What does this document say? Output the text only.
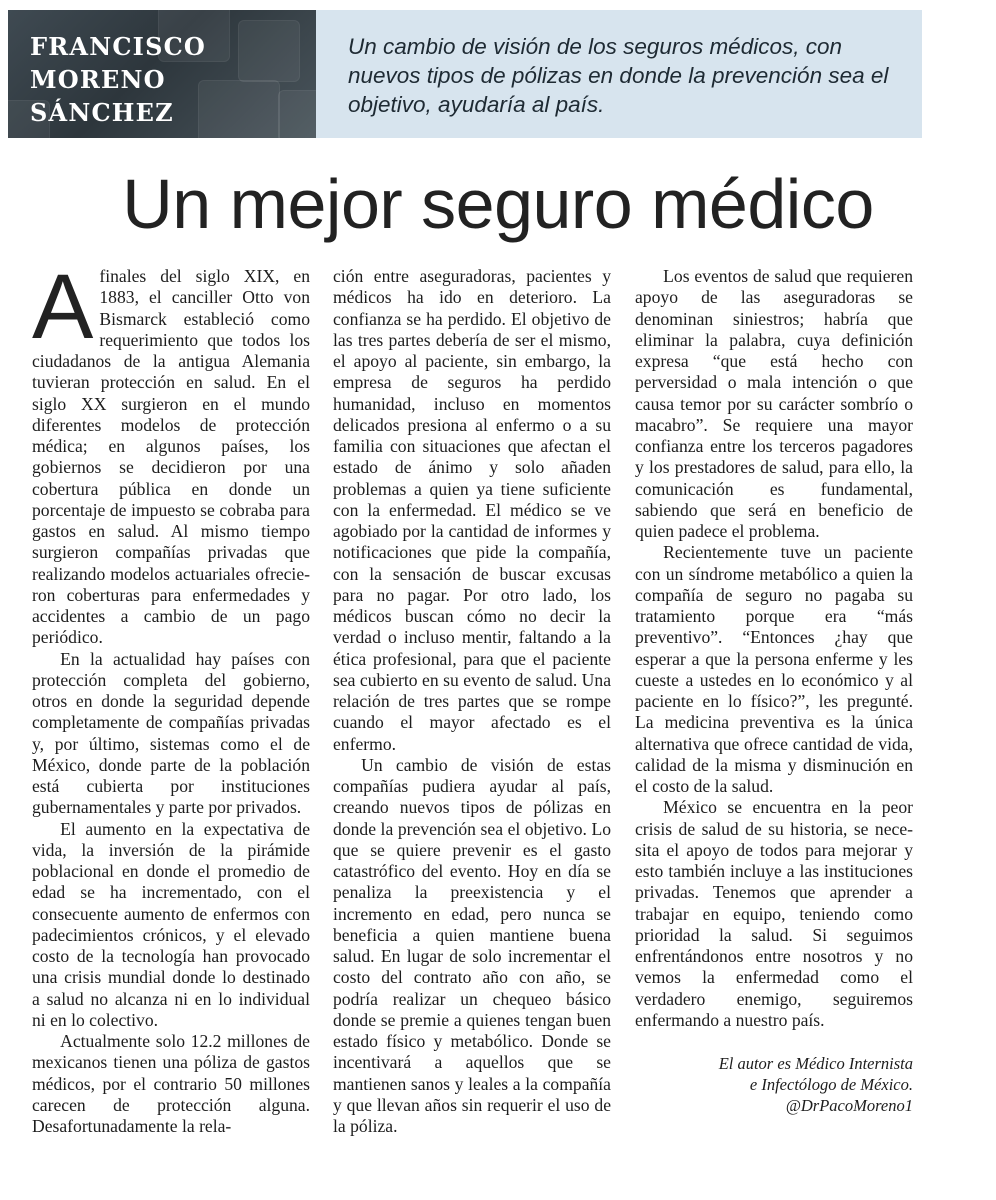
FRANCISCO
MORENO
SÁNCHEZ

Un cambio de visión de los seguros médicos, con nuevos tipos de pólizas en donde la prevención sea el objetivo, ayudaría al país.

Un mejor seguro médico

Afinales del siglo XIX, en 1883, el canciller Otto von Bismarck estableció como requerimiento que todos los ciudadanos de la antigua Alemania tuvieran protección en salud. En el siglo XX surgieron en el mundo diferentes modelos de protección médica; en algunos países, los gobiernos se decidieron por una cobertura pública en donde un porcentaje de impuesto se cobraba para gastos en salud. Al mismo tiempo surgieron compañías privadas que realizando modelos actuariales ofrecieron coberturas para enfermedades y accidentes a cambio de un pago periódico.

En la actualidad hay países con protección completa del gobierno, otros en donde la seguridad depende completamente de compañías privadas y, por último, sistemas como el de México, donde parte de la población está cubierta por instituciones gubernamentales y parte por privados.

El aumento en la expectativa de vida, la inversión de la pirámide poblacional en donde el promedio de edad se ha incrementado, con el consecuente aumento de enfermos con padecimientos crónicos, y el elevado costo de la tecnología han provocado una crisis mundial donde lo destinado a salud no alcanza ni en lo individual ni en lo colectivo.

Actualmente solo 12.2 millones de mexicanos tienen una póliza de gastos médicos, por el contrario 50 millones carecen de protección alguna. Desafortunadamente la rela-

ción entre aseguradoras, pacientes y médicos ha ido en deterioro. La confianza se ha perdido. El objetivo de las tres partes debería de ser el mismo, el apoyo al paciente, sin embargo, la empresa de seguros ha perdido humanidad, incluso en momentos delicados presiona al enfermo o a su familia con situaciones que afectan el estado de ánimo y solo añaden problemas a quien ya tiene suficiente con la enfermedad. El médico se ve agobiado por la cantidad de informes y notificaciones que pide la compañía, con la sensación de buscar excusas para no pagar. Por otro lado, los médicos buscan cómo no decir la verdad o incluso mentir, faltando a la ética profesional, para que el paciente sea cubierto en su evento de salud. Una relación de tres partes que se rompe cuando el mayor afectado es el enfermo.

Un cambio de visión de estas compañías pudiera ayudar al país, creando nuevos tipos de pólizas en donde la prevención sea el objetivo. Lo que se quiere prevenir es el gasto catastrófico del evento. Hoy en día se penaliza la preexistencia y el incremento en edad, pero nunca se beneficia a quien mantiene buena salud. En lugar de solo incrementar el costo del contrato año con año, se podría realizar un chequeo básico donde se premie a quienes tengan buen estado físico y metabólico. Donde se incentivará a aquellos que se mantienen sanos y leales a la compañía y que llevan años sin requerir el uso de la póliza.

Los eventos de salud que requieren apoyo de las aseguradoras se denominan siniestros; habría que eliminar la palabra, cuya definición expresa “que está hecho con perversidad o mala intención o que causa temor por su carácter sombrío o macabro”. Se requiere una mayor confianza entre los terceros pagadores y los prestadores de salud, para ello, la comunicación es fundamental, sabiendo que será en beneficio de quien padece el problema.

Recientemente tuve un paciente con un síndrome metabólico a quien la compañía de seguro no pagaba su tratamiento porque era “más preventivo”. “Entonces ¿hay que esperar a que la persona enferme y les cueste a ustedes en lo económico y al paciente en lo físico?”, les pregunté. La medicina preventiva es la única alternativa que ofrece cantidad de vida, calidad de la misma y disminución en el costo de la salud.

México se encuentra en la peor crisis de salud de su historia, se necesita el apoyo de todos para mejorar y esto también incluye a las instituciones privadas. Tenemos que aprender a trabajar en equipo, teniendo como prioridad la salud. Si seguimos enfrentándonos entre nosotros y no vemos la enfermedad como el verdadero enemigo, seguiremos enfermando a nuestro país.

El autor es Médico Internista
e Infectólogo de México.
@DrPacoMoreno1
